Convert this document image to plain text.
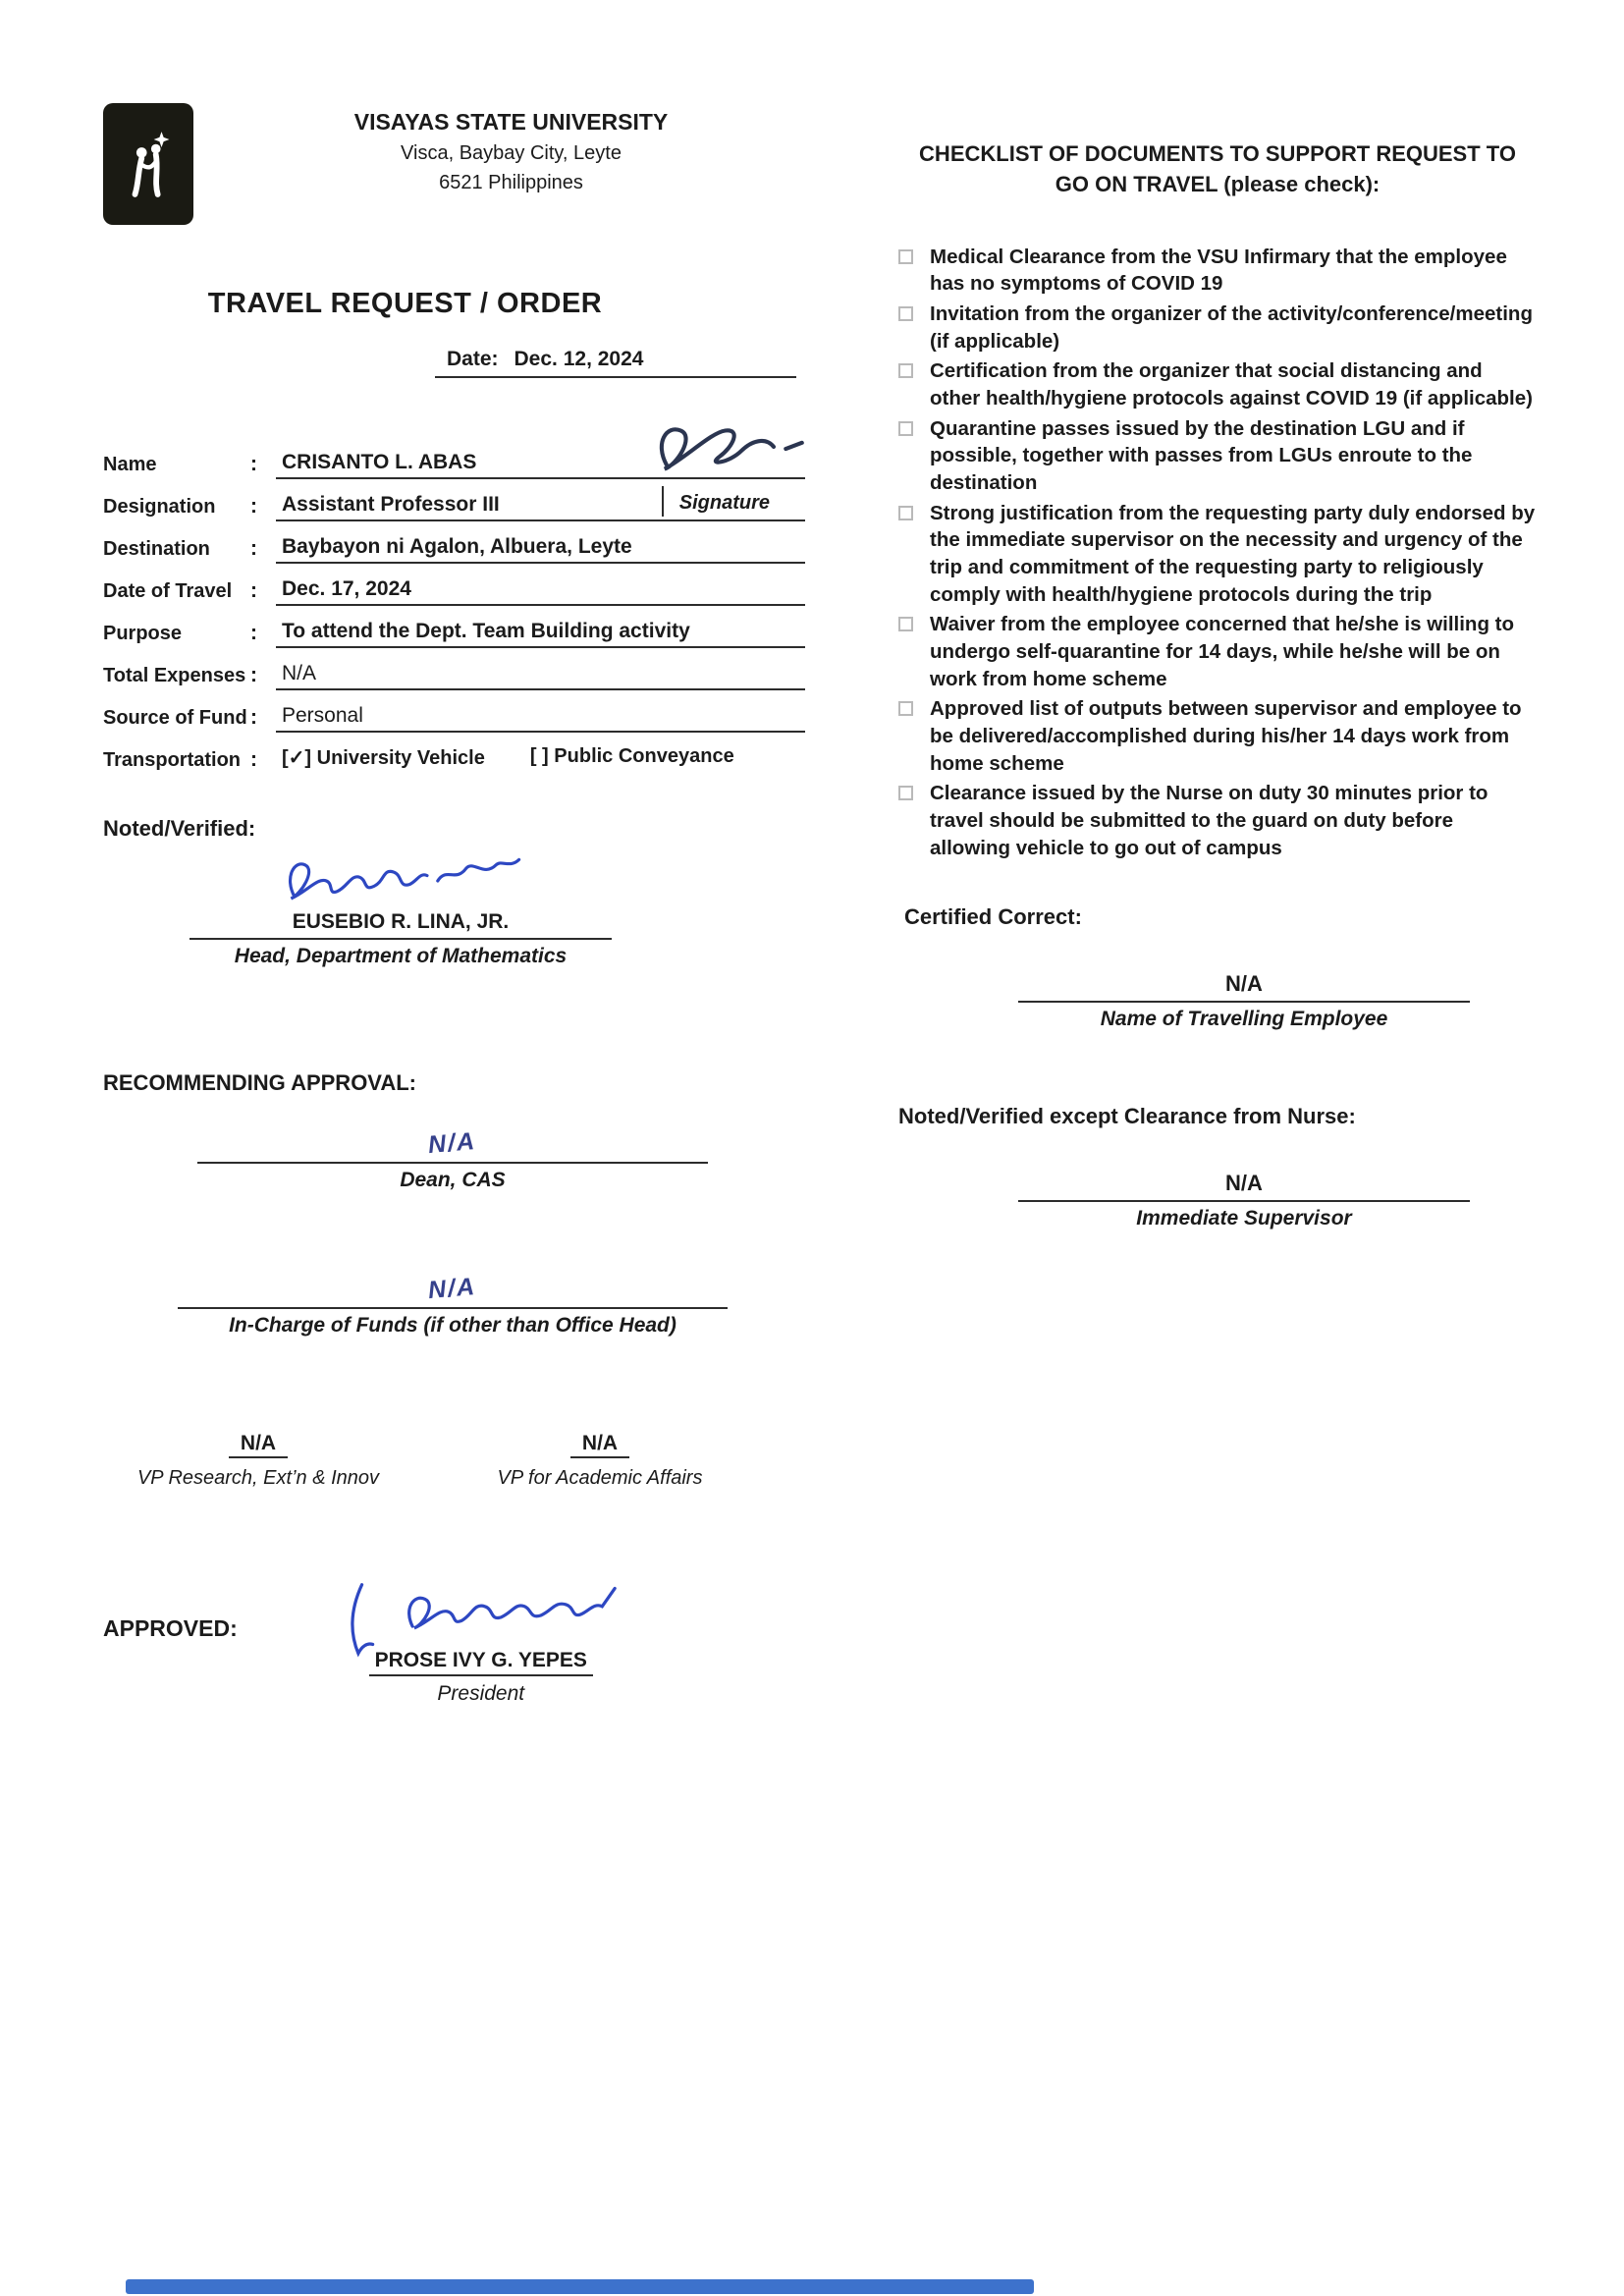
VISAYAS STATE UNIVERSITY
Visca, Baybay City, Leyte
6521 Philippines
TRAVEL REQUEST / ORDER
Date: Dec. 12, 2024
Name	:	CRISANTO L. ABAS
Designation	:	Assistant Professor III	Signature
Destination	:	Baybayon ni Agalon, Albuera, Leyte
Date of Travel :	Dec. 17, 2024
Purpose	:	To attend the Dept. Team Building activity
Total Expenses :	N/A
Source of Fund :	Personal
Transportation :	[✓] University Vehicle [ ] Public Conveyance
Noted/Verified:
EUSEBIO R. LINA, JR.
Head, Department of Mathematics
RECOMMENDING APPROVAL:
N/A
Dean, CAS
N/A
In-Charge of Funds (if other than Office Head)
N/A
VP Research, Ext’n & Innov
N/A
VP for Academic Affairs
APPROVED:
PROSE IVY G. YEPES
President
CHECKLIST OF DOCUMENTS TO SUPPORT REQUEST TO GO ON TRAVEL (please check):
Medical Clearance from the VSU Infirmary that the employee has no symptoms of COVID 19
Invitation from the organizer of the activity/conference/meeting (if applicable)
Certification from the organizer that social distancing and other health/hygiene protocols against COVID 19 (if applicable)
Quarantine passes issued by the destination LGU and if possible, together with passes from LGUs enroute to the destination
Strong justification from the requesting party duly endorsed by the immediate supervisor on the necessity and urgency of the trip and commitment of the requesting party to religiously comply with health/hygiene protocols during the trip
Waiver from the employee concerned that he/she is willing to undergo self-quarantine for 14 days, while he/she will be on work from home scheme
Approved list of outputs between supervisor and employee to be delivered/accomplished during his/her 14 days work from home scheme
Clearance issued by the Nurse on duty 30 minutes prior to travel should be submitted to the guard on duty before allowing vehicle to go out of campus
Certified Correct:
N/A
Name of Travelling Employee
Noted/Verified except Clearance from Nurse:
N/A
Immediate Supervisor
